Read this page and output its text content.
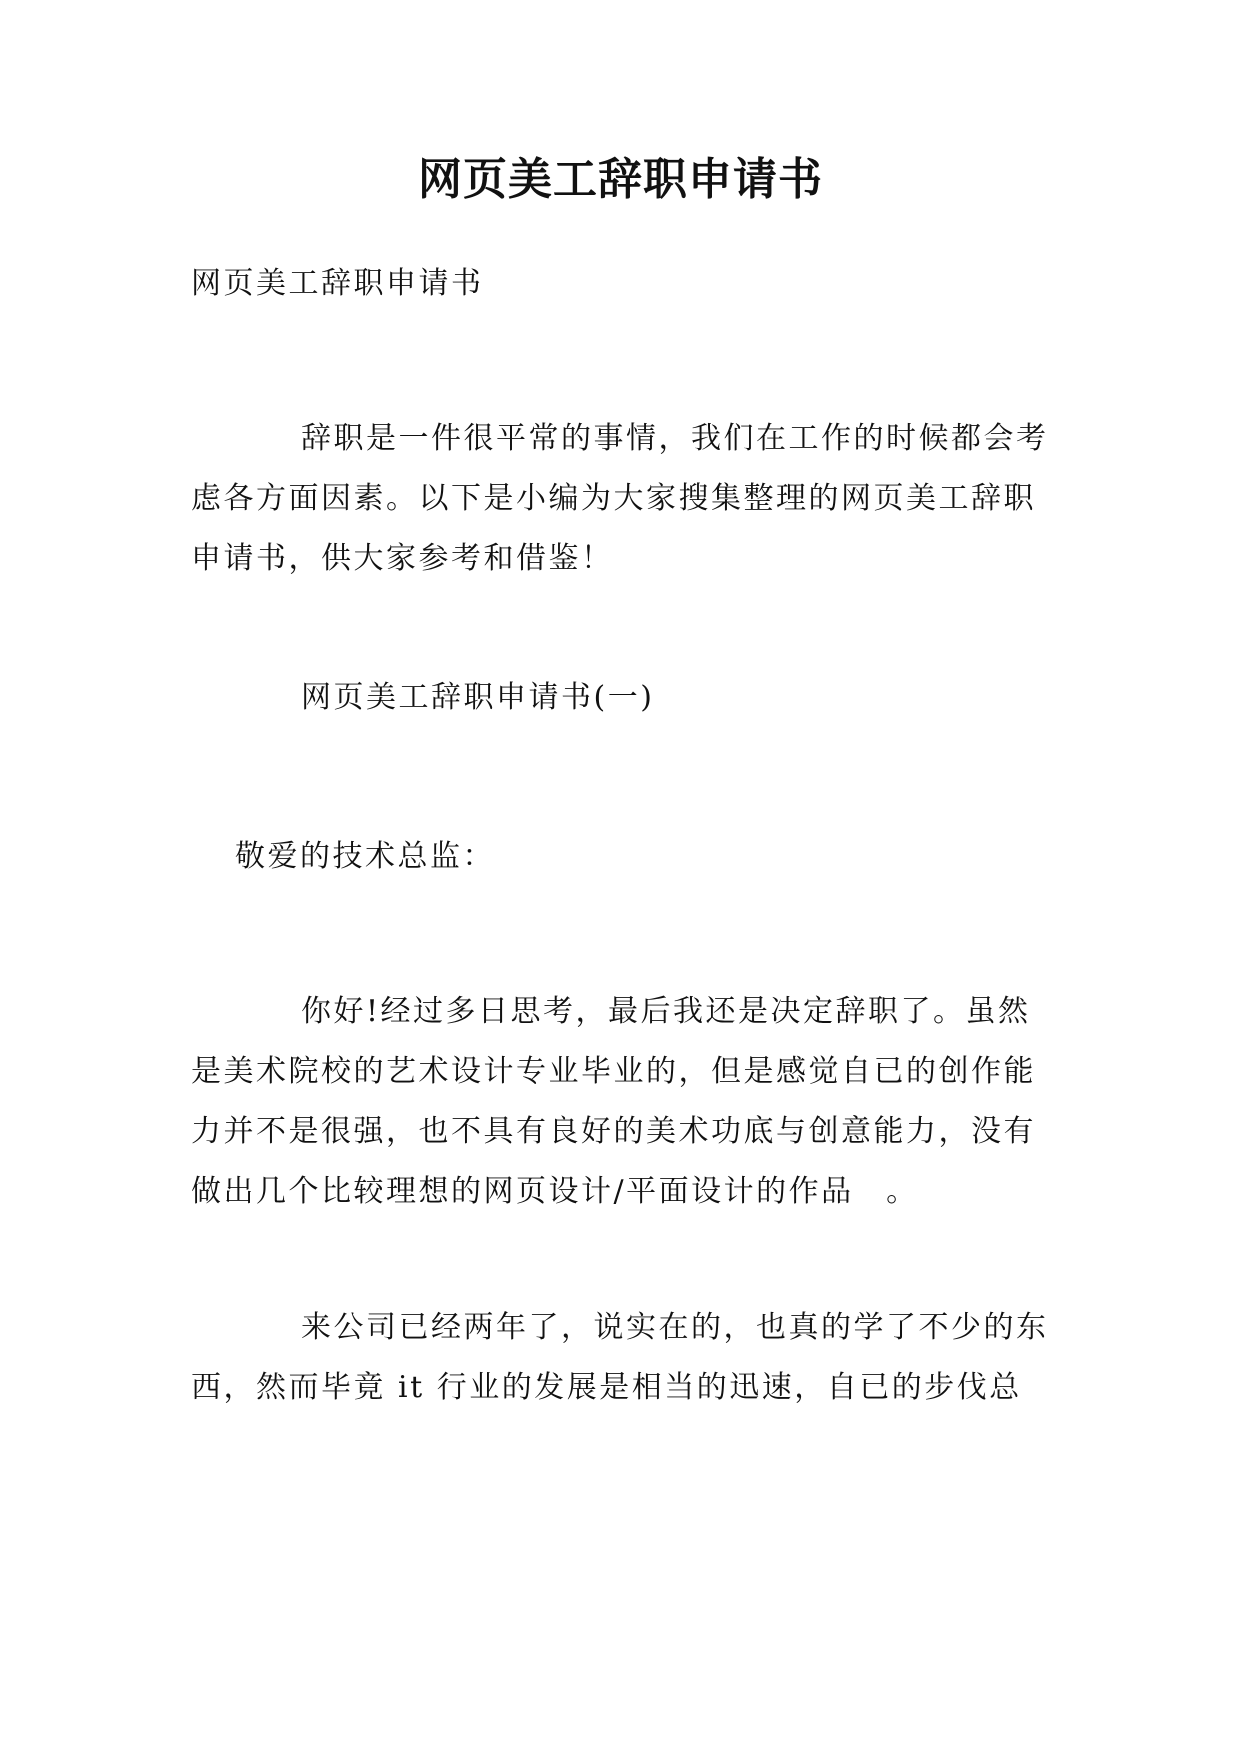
网页美工辞职申请书

网页美工辞职申请书

辞职是一件很平常的事情，我们在工作的时候都会考虑各方面因素。以下是小编为大家搜集整理的网页美工辞职申请书，供大家参考和借鉴！

网页美工辞职申请书(一)

敬爱的技术总监：

你好!经过多日思考，最后我还是决定辞职了。虽然是美术院校的艺术设计专业毕业的，但是感觉自已的创作能力并不是很强，也不具有良好的美术功底与创意能力，没有做出几个比较理想的网页设计/平面设计的作品　。

来公司已经两年了，说实在的，也真的学了不少的东西，然而毕竟 it 行业的发展是相当的迅速，自已的步伐总
